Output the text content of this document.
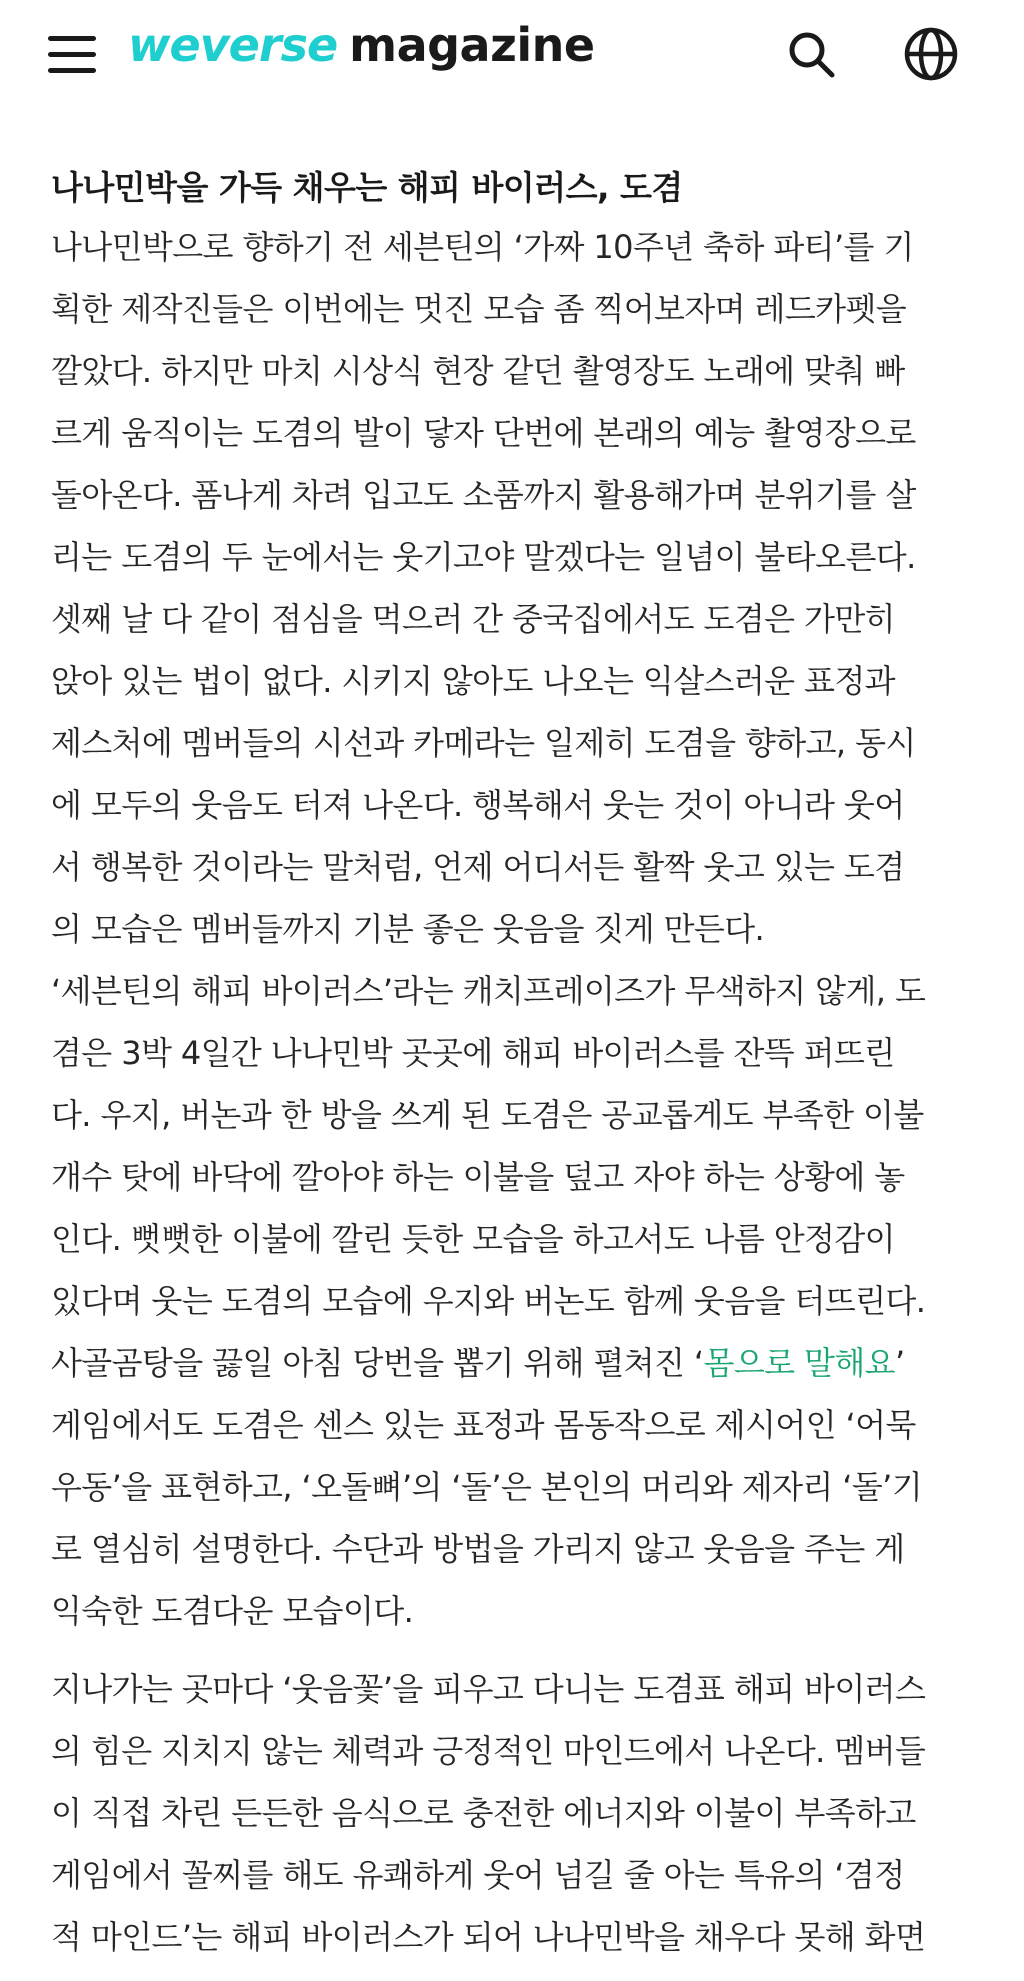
weverse magazine
나나민박을 가득 채우는 해피 바이러스, 도겸

나나민박으로 향하기 전 세븐틴의 ‘가짜 10주년 축하 파티’를 기
획한 제작진들은 이번에는 멋진 모습 좀 찍어보자며 레드카펫을
깔았다. 하지만 마치 시상식 현장 같던 촬영장도 노래에 맞춰 빠
르게 움직이는 도겸의 발이 닿자 단번에 본래의 예능 촬영장으로
돌아온다. 폼나게 차려 입고도 소품까지 활용해가며 분위기를 살
리는 도겸의 두 눈에서는 웃기고야 말겠다는 일념이 불타오른다.
셋째 날 다 같이 점심을 먹으러 간 중국집에서도 도겸은 가만히
앉아 있는 법이 없다. 시키지 않아도 나오는 익살스러운 표정과
제스처에 멤버들의 시선과 카메라는 일제히 도겸을 향하고, 동시
에 모두의 웃음도 터져 나온다. 행복해서 웃는 것이 아니라 웃어
서 행복한 것이라는 말처럼, 언제 어디서든 활짝 웃고 있는 도겸
의 모습은 멤버들까지 기분 좋은 웃음을 짓게 만든다.

‘세븐틴의 해피 바이러스’라는 캐치프레이즈가 무색하지 않게, 도
겸은 3박 4일간 나나민박 곳곳에 해피 바이러스를 잔뜩 퍼뜨린
다. 우지, 버논과 한 방을 쓰게 된 도겸은 공교롭게도 부족한 이불
개수 탓에 바닥에 깔아야 하는 이불을 덮고 자야 하는 상황에 놓
인다. 뻣뻣한 이불에 깔린 듯한 모습을 하고서도 나름 안정감이
있다며 웃는 도겸의 모습에 우지와 버논도 함께 웃음을 터뜨린다.
사골곰탕을 끓일 아침 당번을 뽑기 위해 펼쳐진 ‘몸으로 말해요’
게임에서도 도겸은 센스 있는 표정과 몸동작으로 제시어인 ‘어묵
우동’을 표현하고, ‘오돌뼈’의 ‘돌’은 본인의 머리와 제자리 ‘돌’기
로 열심히 설명한다. 수단과 방법을 가리지 않고 웃음을 주는 게
익숙한 도겸다운 모습이다.

지나가는 곳마다 ‘웃음꽃’을 피우고 다니는 도겸표 해피 바이러스
의 힘은 지치지 않는 체력과 긍정적인 마인드에서 나온다. 멤버들
이 직접 차린 든든한 음식으로 충전한 에너지와 이불이 부족하고
게임에서 꼴찌를 해도 유쾌하게 웃어 넘길 줄 아는 특유의 ‘겸정
적 마인드’는 해피 바이러스가 되어 나나민박을 채우다 못해 화면
